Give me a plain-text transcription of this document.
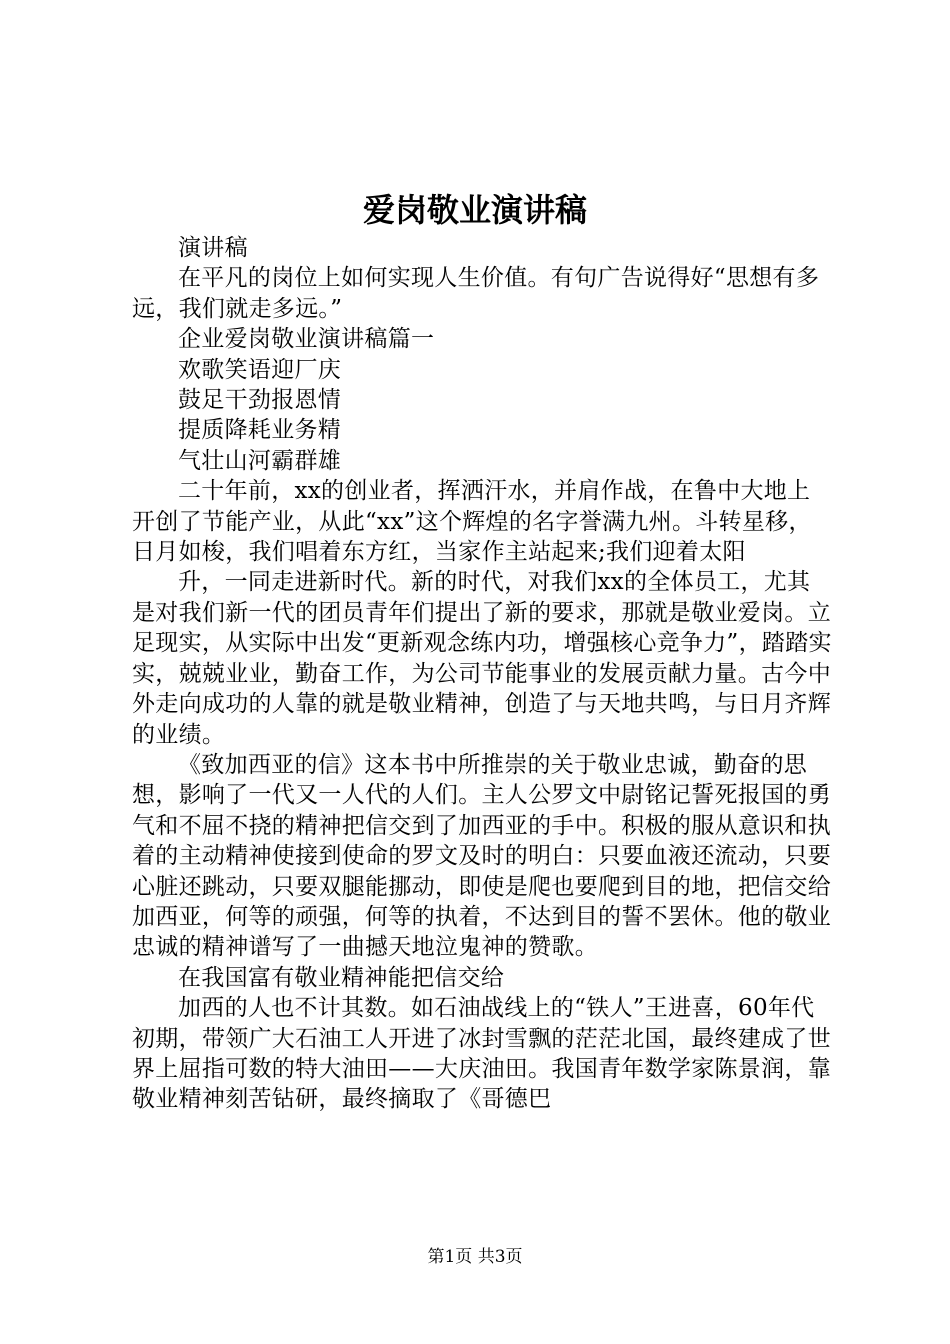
爱岗敬业演讲稿

演讲稿

在平凡的岗位上如何实现人生价值。有句广告说得好“思想有多远，我们就走多远。”

企业爱岗敬业演讲稿篇一

欢歌笑语迎厂庆

鼓足干劲报恩情

提质降耗业务精

气壮山河霸群雄

二十年前，xx的创业者，挥洒汗水，并肩作战，在鲁中大地上开创了节能产业，从此“xx”这个辉煌的名字誉满九州。斗转星移，日月如梭，我们唱着东方红，当家作主站起来;我们迎着太阳

升，一同走进新时代。新的时代，对我们xx的全体员工，尤其是对我们新一代的团员青年们提出了新的要求，那就是敬业爱岗。立足现实，从实际中出发“更新观念练内功，增强核心竞争力”，踏踏实实，兢兢业业，勤奋工作，为公司节能事业的发展贡献力量。古今中外走向成功的人靠的就是敬业精神，创造了与天地共鸣，与日月齐辉的业绩。

《致加西亚的信》这本书中所推崇的关于敬业忠诚，勤奋的思想，影响了一代又一人代的人们。主人公罗文中尉铭记誓死报国的勇气和不屈不挠的精神把信交到了加西亚的手中。积极的服从意识和执着的主动精神使接到使命的罗文及时的明白：只要血液还流动，只要心脏还跳动，只要双腿能挪动，即使是爬也要爬到目的地，把信交给加西亚，何等的顽强，何等的执着，不达到目的誓不罢休。他的敬业忠诚的精神谱写了一曲撼天地泣鬼神的赞歌。

在我国富有敬业精神能把信交给

加西的人也不计其数。如石油战线上的“铁人”王进喜，60年代初期，带领广大石油工人开进了冰封雪飘的茫茫北国，最终建成了世界上屈指可数的特大油田——大庆油田。我国青年数学家陈景润，靠敬业精神刻苦钻研，最终摘取了《哥德巴

第1页 共3页
